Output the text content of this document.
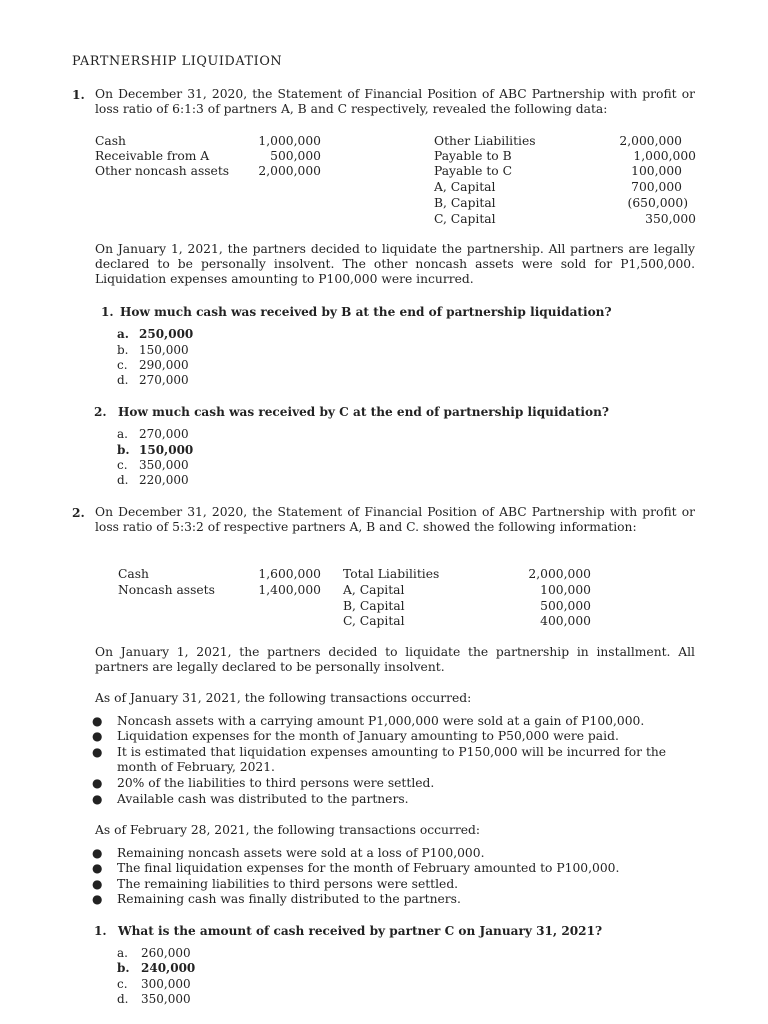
PARTNERSHIP LIQUIDATION
1. On December 31, 2020, the Statement of Financial Position of ABC Partnership with profit or loss ratio of 6:1:3 of partners A, B and C respectively, revealed the following data:
Cash	1,000,000
Receivable from A	500,000
Other noncash assets	2,000,000
Other Liabilities	2,000,000
Payable to B	1,000,000
Payable to C	100,000
A, Capital	700,000
B, Capital	(650,000)
C, Capital	350,000
On January 1, 2021, the partners decided to liquidate the partnership. All partners are legally declared to be personally insolvent. The other noncash assets were sold for P1,500,000. Liquidation expenses amounting to P100,000 were incurred.
1. How much cash was received by B at the end of partnership liquidation?
a. 250,000
b. 150,000
c. 290,000
d. 270,000
2. How much cash was received by C at the end of partnership liquidation?
a. 270,000
b. 150,000
c. 350,000
d. 220,000
2. On December 31, 2020, the Statement of Financial Position of ABC Partnership with profit or loss ratio of 5:3:2 of respective partners A, B and C. showed the following information:
Cash	1,600,000
Noncash assets	1,400,000
Total Liabilities	2,000,000
A, Capital	100,000
B, Capital	500,000
C, Capital	400,000
On January 1, 2021, the partners decided to liquidate the partnership in installment. All partners are legally declared to be personally insolvent.
As of January 31, 2021, the following transactions occurred:
● Noncash assets with a carrying amount P1,000,000 were sold at a gain of P100,000.
● Liquidation expenses for the month of January amounting to P50,000 were paid.
● It is estimated that liquidation expenses amounting to P150,000 will be incurred for the month of February, 2021.
● 20% of the liabilities to third persons were settled.
● Available cash was distributed to the partners.
As of February 28, 2021, the following transactions occurred:
● Remaining noncash assets were sold at a loss of P100,000.
● The final liquidation expenses for the month of February amounted to P100,000.
● The remaining liabilities to third persons were settled.
● Remaining cash was finally distributed to the partners.
1. What is the amount of cash received by partner C on January 31, 2021?
a. 260,000
b. 240,000
c. 300,000
d. 350,000
